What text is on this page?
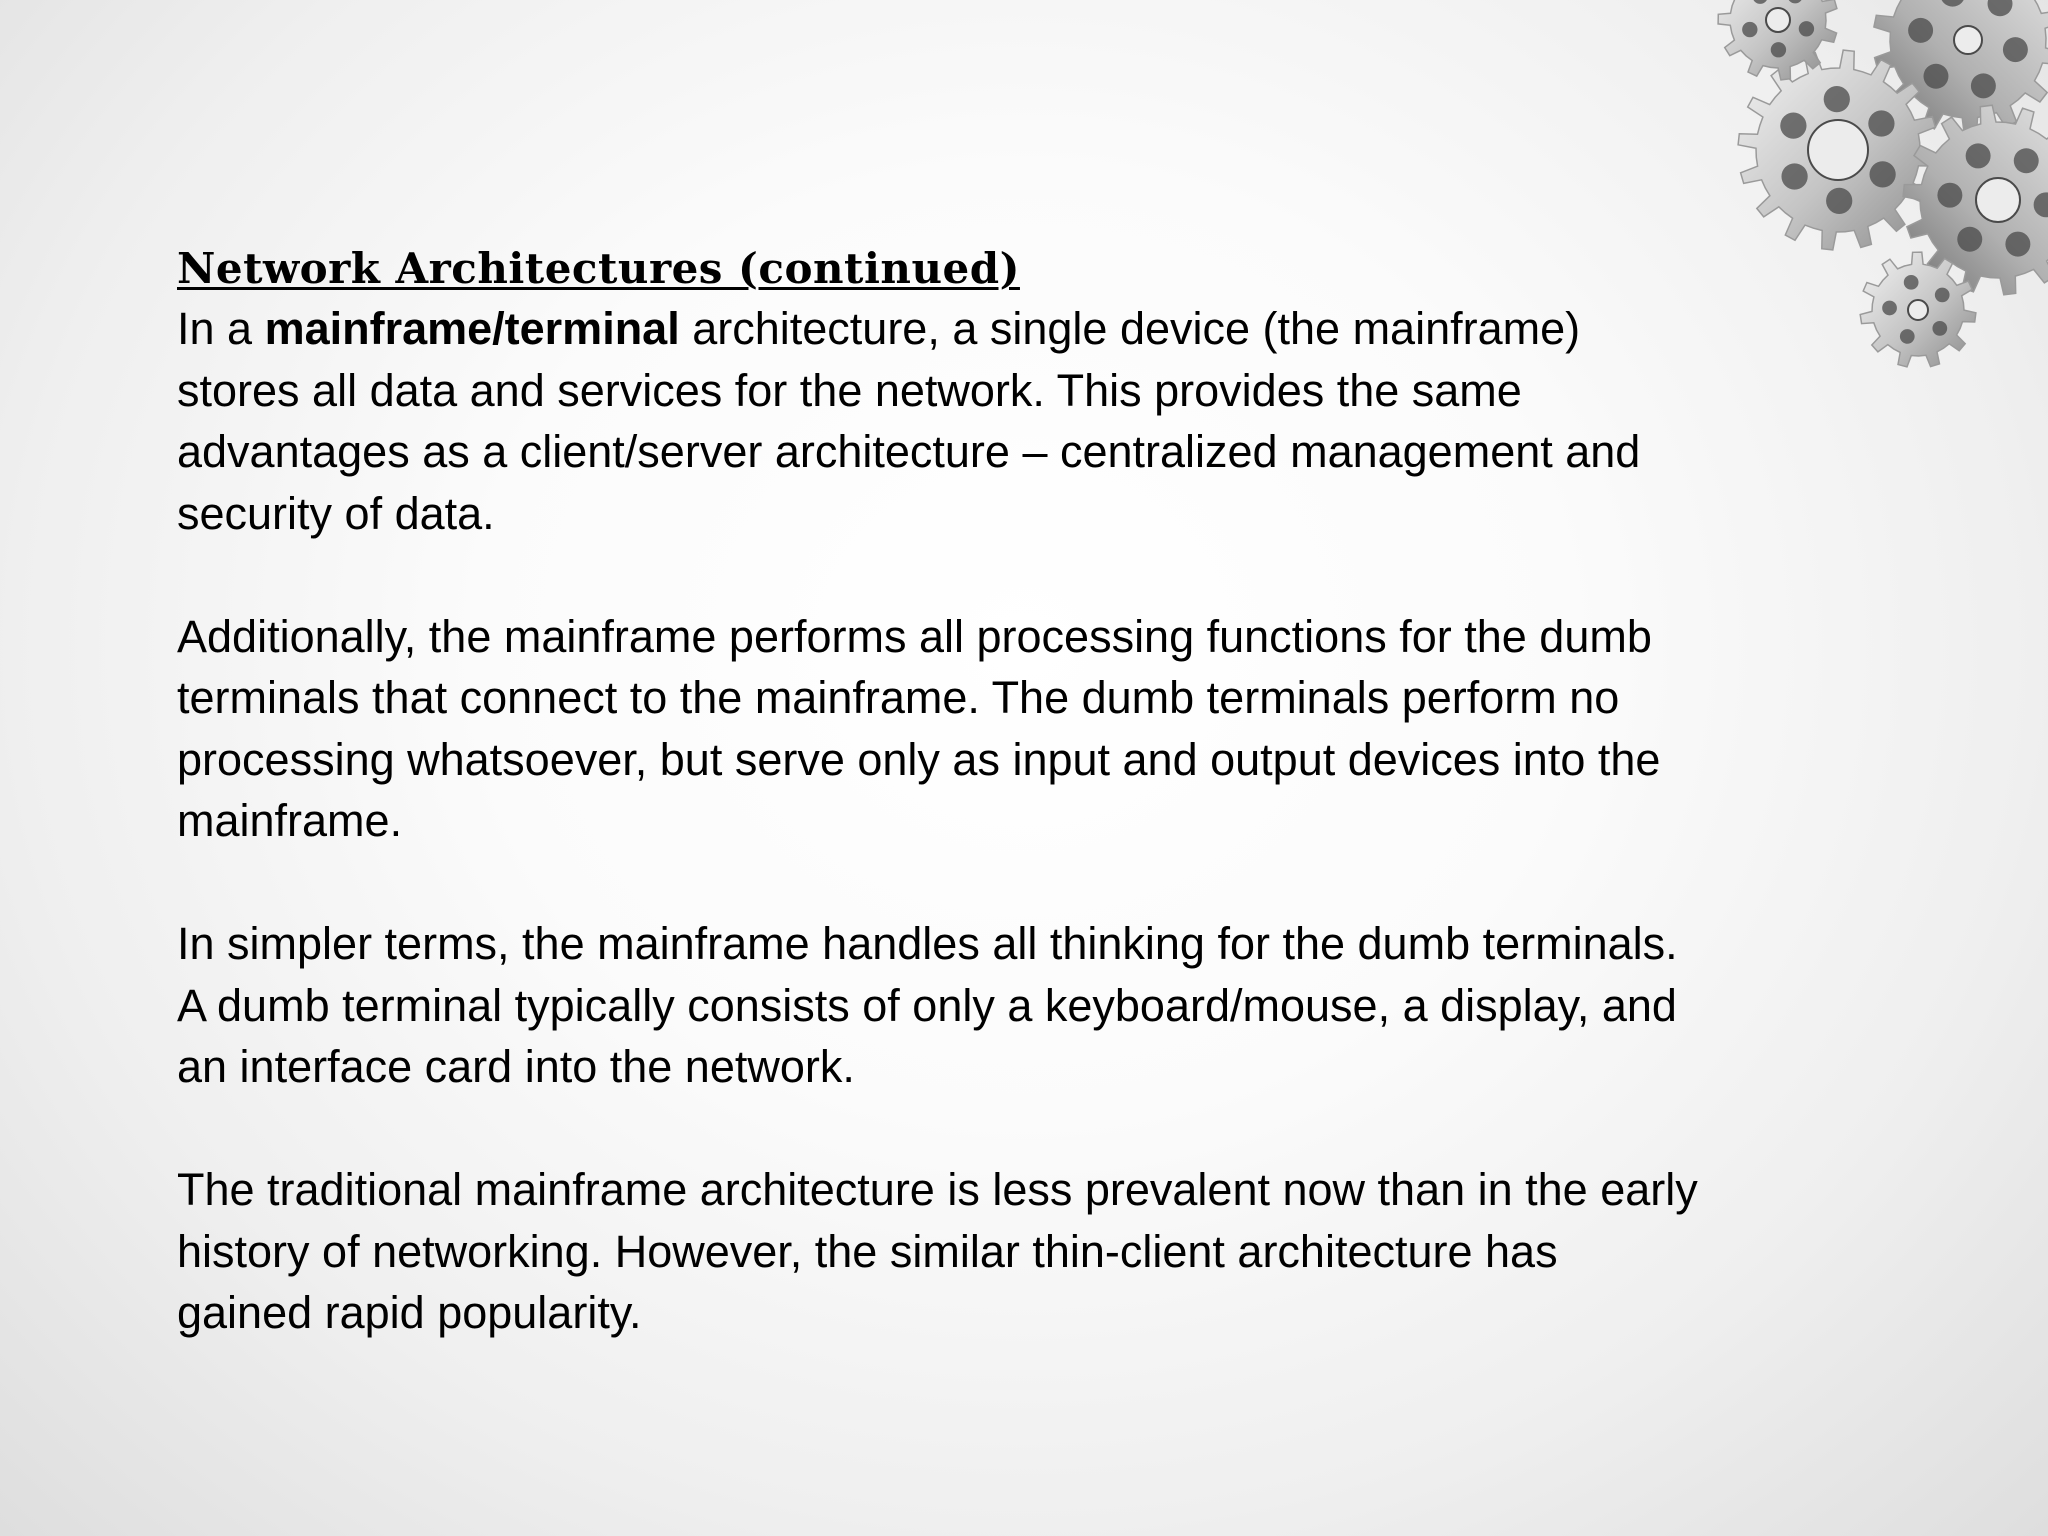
Network Architectures (continued)

In a mainframe/terminal architecture, a single device (the mainframe)
stores all data and services for the network. This provides the same
advantages as a client/server architecture – centralized management and
security of data.

Additionally, the mainframe performs all processing functions for the dumb
terminals that connect to the mainframe. The dumb terminals perform no
processing whatsoever, but serve only as input and output devices into the
mainframe.

In simpler terms, the mainframe handles all thinking for the dumb terminals.
A dumb terminal typically consists of only a keyboard/mouse, a display, and
an interface card into the network.

The traditional mainframe architecture is less prevalent now than in the early
history of networking. However, the similar thin-client architecture has
gained rapid popularity.
